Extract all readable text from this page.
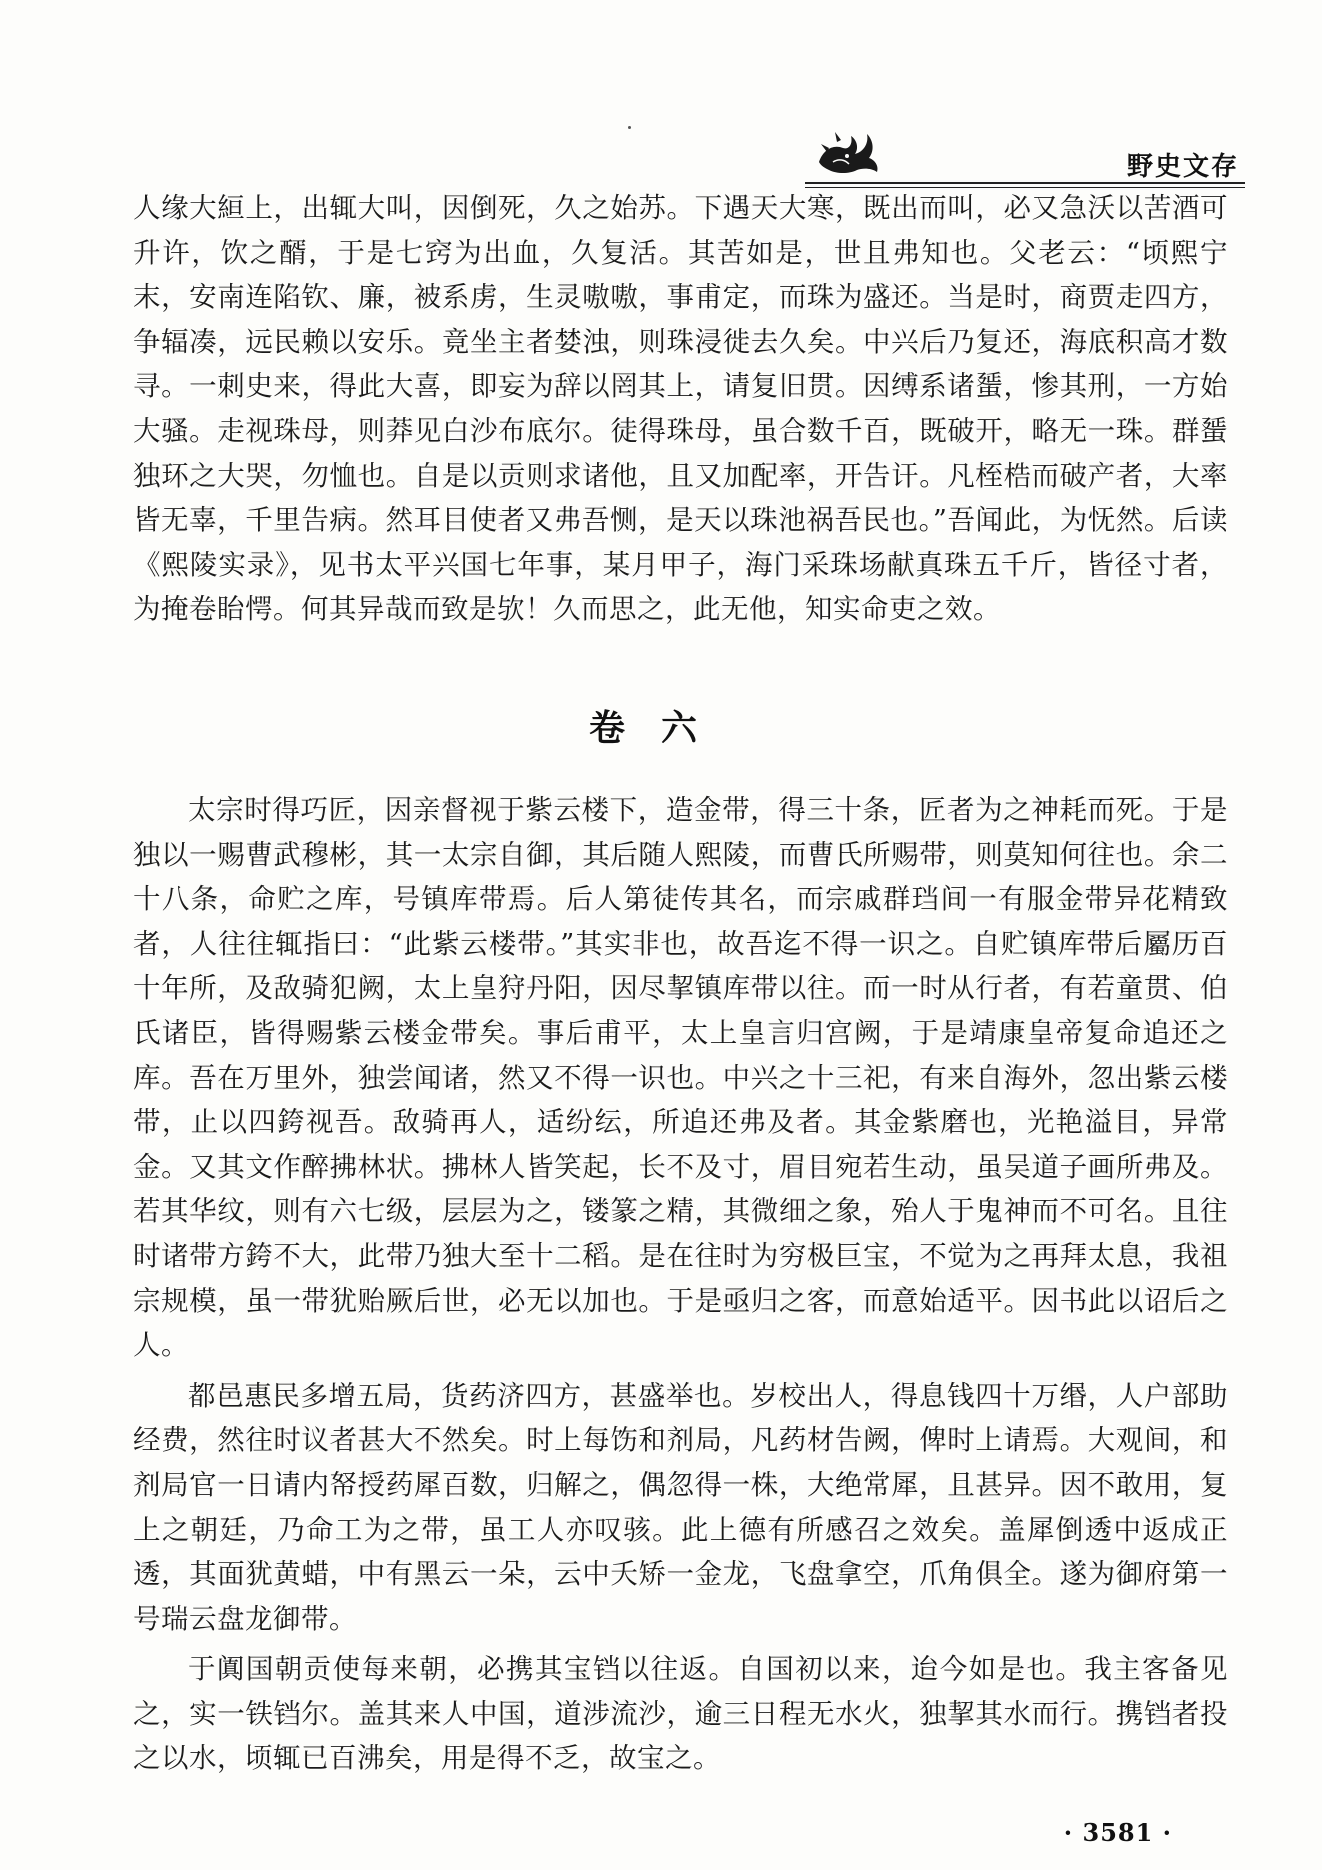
野史文存

人缘大絙上，出辄大叫，因倒死，久之始苏。下遇天大寒，既出而叫，必又急沃以苦酒可升许，饮之醑，于是七窍为出血，久复活。其苦如是，世且弗知也。父老云：“顷熙宁末，安南连陷钦、廉，被系虏，生灵嗷嗷，事甫定，而珠为盛还。当是时，商贾走四方，争辐凑，远民赖以安乐。竟坐主者婪浊，则珠浸徙去久矣。中兴后乃复还，海底积高才数寻。一刺史来，得此大喜，即妄为辞以罔其上，请复旧贯。因缚系诸蜑，惨其刑，一方始大骚。走视珠母，则莽见白沙布底尔。徒得珠母，虽合数千百，既破开，略无一珠。群蜑独环之大哭，勿恤也。自是以贡则求诸他，且又加配率，开告讦。凡桎梏而破产者，大率皆无辜，千里告病。然耳目使者又弗吾恻，是天以珠池祸吾民也。”吾闻此，为怃然。后读《熙陵实录》，见书太平兴国七年事，某月甲子，海门采珠场献真珠五千斤，皆径寸者，为掩卷眙愕。何其异哉而致是欤！久而思之，此无他，知实命吏之效。

卷六

太宗时得巧匠，因亲督视于紫云楼下，造金带，得三十条，匠者为之神耗而死。于是独以一赐曹武穆彬，其一太宗自御，其后随人熙陵，而曹氏所赐带，则莫知何往也。余二十八条，命贮之库，号镇库带焉。后人第徒传其名，而宗戚群珰间一有服金带异花精致者，人往往辄指曰：“此紫云楼带。”其实非也，故吾迄不得一识之。自贮镇库带后屬历百十年所，及敌骑犯阙，太上皇狩丹阳，因尽挈镇库带以往。而一时从行者，有若童贯、伯氏诸臣，皆得赐紫云楼金带矣。事后甫平，太上皇言归宫阙，于是靖康皇帝复命追还之库。吾在万里外，独尝闻诸，然又不得一识也。中兴之十三祀，有来自海外，忽出紫云楼带，止以四銙视吾。敌骑再人，适纷纭，所追还弗及者。其金紫磨也，光艳溢目，异常金。又其文作醉拂林状。拂林人皆笑起，长不及寸，眉目宛若生动，虽吴道子画所弗及。若其华纹，则有六七级，层层为之，镂篆之精，其微细之象，殆人于鬼神而不可名。且往时诸带方銙不大，此带乃独大至十二稻。是在往时为穷极巨宝，不觉为之再拜太息，我祖宗规模，虽一带犹贻厥后世，必无以加也。于是亟归之客，而意始适平。因书此以诏后之人。

都邑惠民多增五局，货药济四方，甚盛举也。岁校出人，得息钱四十万缗，人户部助经费，然往时议者甚大不然矣。时上每饬和剂局，凡药材告阙，俾时上请焉。大观间，和剂局官一日请内帑授药犀百数，归解之，偶忽得一株，大绝常犀，且甚异。因不敢用，复上之朝廷，乃命工为之带，虽工人亦叹骇。此上德有所感召之效矣。盖犀倒透中返成正透，其面犹黄蜡，中有黑云一朵，云中夭矫一金龙，飞盘拿空，爪角俱全。遂为御府第一号瑞云盘龙御带。

于阗国朝贡使每来朝，必携其宝铛以往返。自国初以来，迨今如是也。我主客备见之，实一铁铛尔。盖其来人中国，道涉流沙，逾三日程无水火，独挈其水而行。携铛者投之以水，顷辄已百沸矣，用是得不乏，故宝之。

· 3581 ·
